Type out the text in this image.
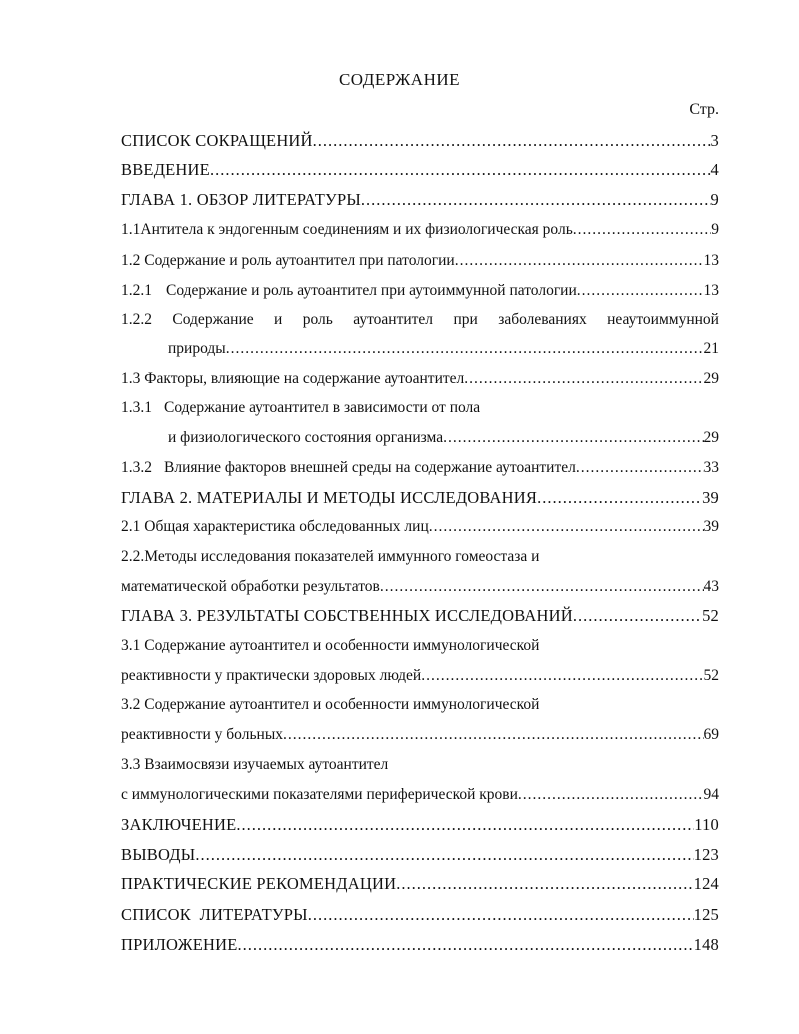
СОДЕРЖАНИЕ
Стр.
СПИСОК СОКРАЩЕНИЙ .....	3
ВВЕДЕНИЕ .....	4
ГЛАВА 1. ОБЗОР ЛИТЕРАТУРЫ .....	9
1.1Антитела к эндогенным соединениям и их физиологическая роль .....	9
1.2 Содержание и роль аутоантител при патологии .....	13
1.2.1 Содержание и роль аутоантител при аутоиммунной патологии .....	13
1.2.2 Содержание и роль аутоантител при заболеваниях неаутоиммунной
природы .....	21
1.3 Факторы, влияющие на содержание аутоантител .....	29
1.3.1 Содержание аутоантител в зависимости от пола
и физиологического состояния организма .....	29
1.3.2 Влияние факторов внешней среды на содержание аутоантител .....	33
ГЛАВА 2. МАТЕРИАЛЫ И МЕТОДЫ ИССЛЕДОВАНИЯ .....	39
2.1 Общая характеристика обследованных лиц .....	39
2.2.Методы исследования показателей иммунного гомеостаза и
математической обработки результатов .....	43
ГЛАВА 3. РЕЗУЛЬТАТЫ СОБСТВЕННЫХ ИССЛЕДОВАНИЙ .....	52
3.1 Содержание аутоантител и особенности иммунологической
реактивности у практически здоровых людей .....	52
3.2 Содержание аутоантител и особенности иммунологической
реактивности у больных .....	69
3.3 Взаимосвязи изучаемых аутоантител
с иммунологическими показателями периферической крови .....	94
ЗАКЛЮЧЕНИЕ .....	110
ВЫВОДЫ .....	123
ПРАКТИЧЕСКИЕ РЕКОМЕНДАЦИИ .....	124
СПИСОК  ЛИТЕРАТУРЫ .....	125
ПРИЛОЖЕНИЕ .....	148
